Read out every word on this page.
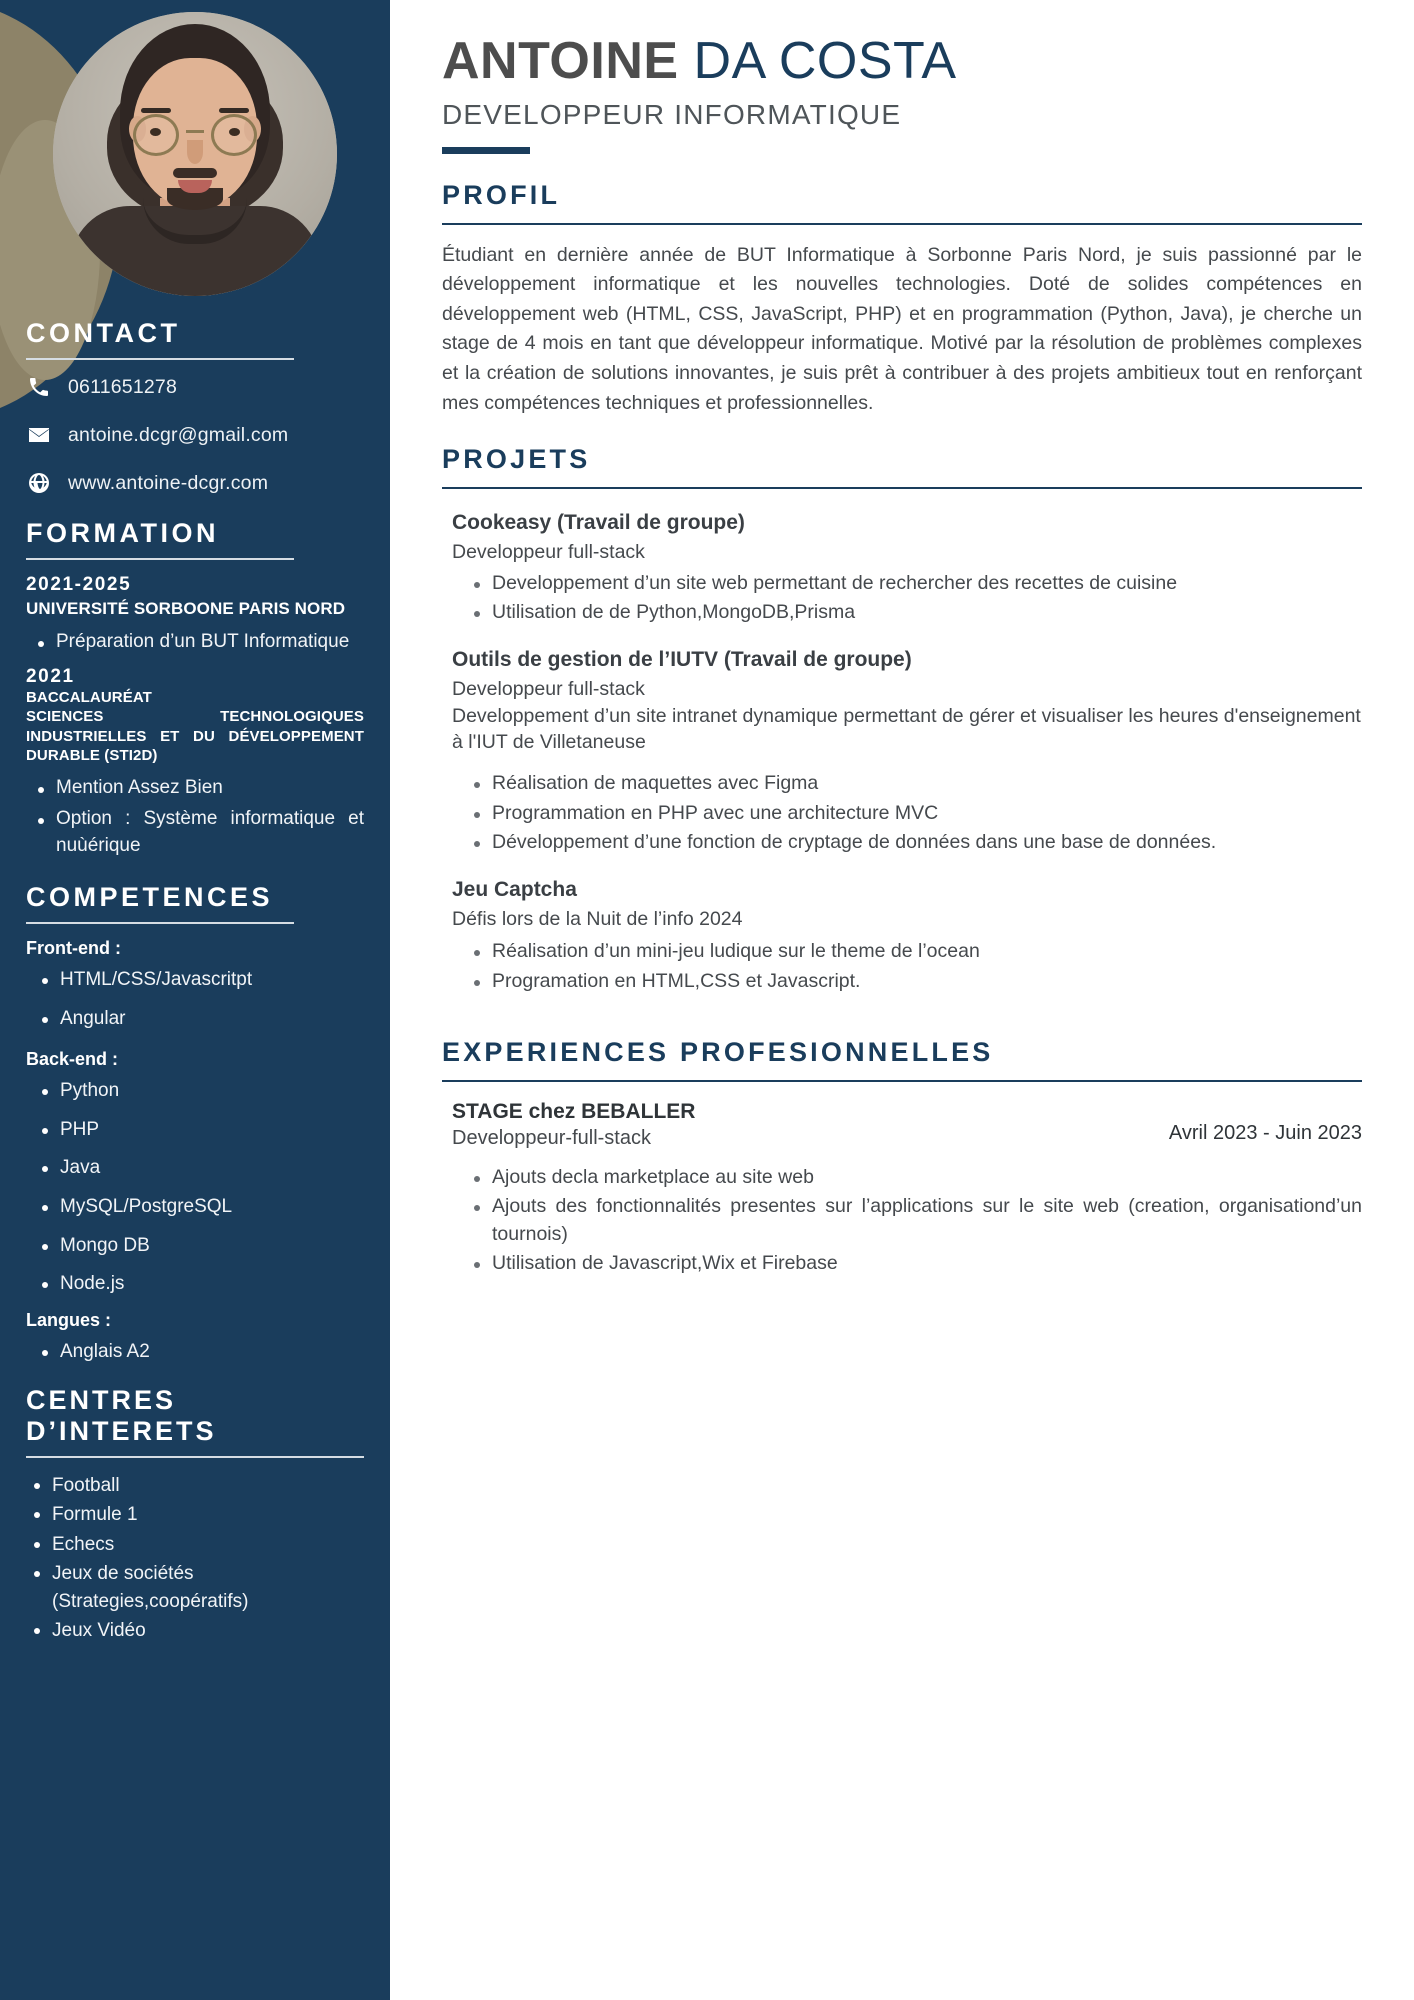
CONTACT
0611651278
antoine.dcgr@gmail.com
www.antoine-dcgr.com
FORMATION
2021-2025
UNIVERSITÉ SORBOONE PARIS NORD
Préparation d’un BUT Informatique
2021
BACCALAURÉAT
SCIENCES TECHNOLOGIQUES INDUSTRIELLES ET DU DÉVELOPPEMENT DURABLE (STI2D)
Mention Assez Bien
Option : Système informatique et nuùérique
COMPETENCES
Front-end :
HTML/CSS/Javascritpt
Angular
Back-end :
Python
PHP
Java
MySQL/PostgreSQL
Mongo DB
Node.js
Langues :
Anglais A2
CENTRES D’INTERETS
Football
Formule 1
Echecs
Jeux de sociétés (Strategies,coopératifs)
Jeux Vidéo
ANTOINE DA COSTA
DEVELOPPEUR INFORMATIQUE
PROFIL

Étudiant en dernière année de BUT Informatique à Sorbonne Paris Nord, je suis passionné par le développement informatique et les nouvelles technologies. Doté de solides compétences en développement web (HTML, CSS, JavaScript, PHP) et en programmation (Python, Java), je cherche un stage de 4 mois en tant que développeur informatique. Motivé par la résolution de problèmes complexes et la création de solutions innovantes, je suis prêt à contribuer à des projets ambitieux tout en renforçant mes compétences techniques et professionnelles.

PROJETS
Cookeasy (Travail de groupe)
Developpeur full-stack
Developpement d’un site web permettant de rechercher des recettes de cuisine
Utilisation de de Python,MongoDB,Prisma
Outils de gestion de l’IUTV (Travail de groupe)
Developpeur full-stack
Developpement d’un site intranet dynamique permettant de gérer et visualiser les heures d'enseignement à l'IUT de Villetaneuse
Réalisation de maquettes avec Figma
Programmation en PHP avec une architecture MVC
Développement d’une fonction de cryptage de données dans une base de données.
Jeu Captcha
Défis lors de la Nuit de l’info 2024
Réalisation d’un mini-jeu ludique sur le theme de l’ocean
Programation en HTML,CSS et Javascript.
EXPERIENCES PROFESIONNELLES
STAGE chez BEBALLER
Developpeur-full-stack	Avril 2023 - Juin 2023
Ajouts decla marketplace au site web
Ajouts des fonctionnalités presentes sur l’applications sur le site web (creation, organisationd’un tournois)
Utilisation de Javascript,Wix et Firebase
